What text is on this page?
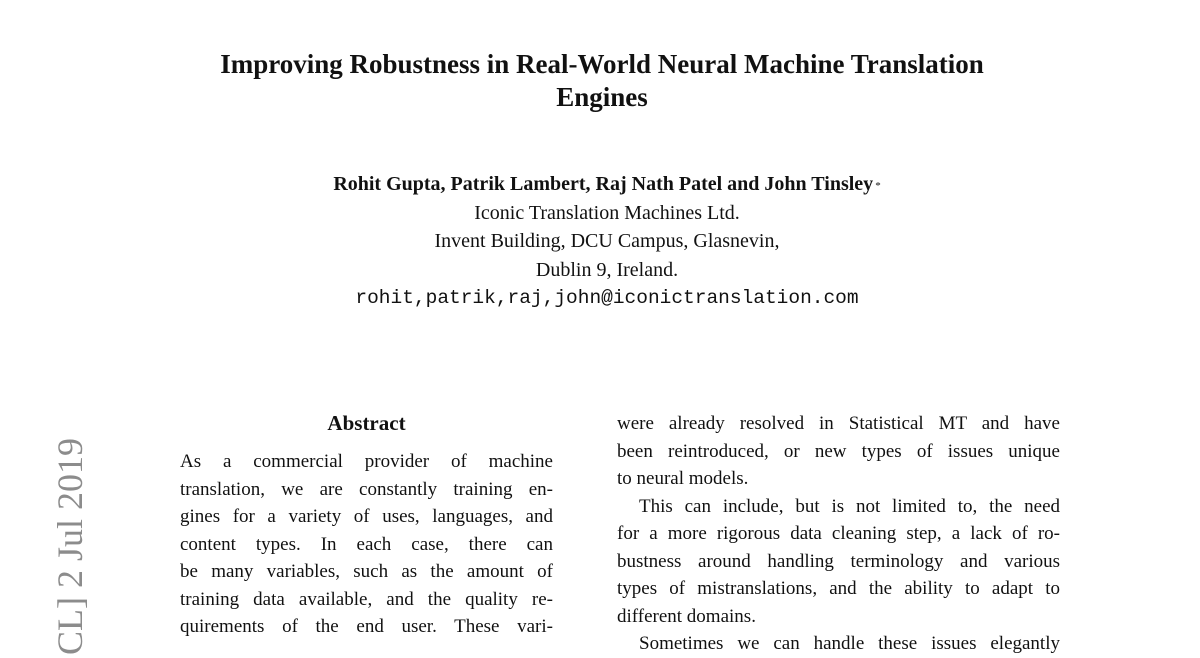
Improving Robustness in Real-World Neural Machine Translation
Engines
Rohit Gupta, Patrik Lambert, Raj Nath Patel and John Tinsley *
Iconic Translation Machines Ltd.
Invent Building, DCU Campus, Glasnevin,
Dublin 9, Ireland.
rohit,patrik,raj,john@iconictranslation.com
CL] 2 Jul 2019
Abstract
As a commercial provider of machine
translation, we are constantly training en-
gines for a variety of uses, languages, and
content types. In each case, there can
be many variables, such as the amount of
training data available, and the quality re-
quirements of the end user. These vari-
were already resolved in Statistical MT and have
been reintroduced, or new types of issues unique
to neural models.
This can include, but is not limited to, the need
for a more rigorous data cleaning step, a lack of ro-
bustness around handling terminology and various
types of mistranslations, and the ability to adapt to
different domains.
Sometimes we can handle these issues elegantly
